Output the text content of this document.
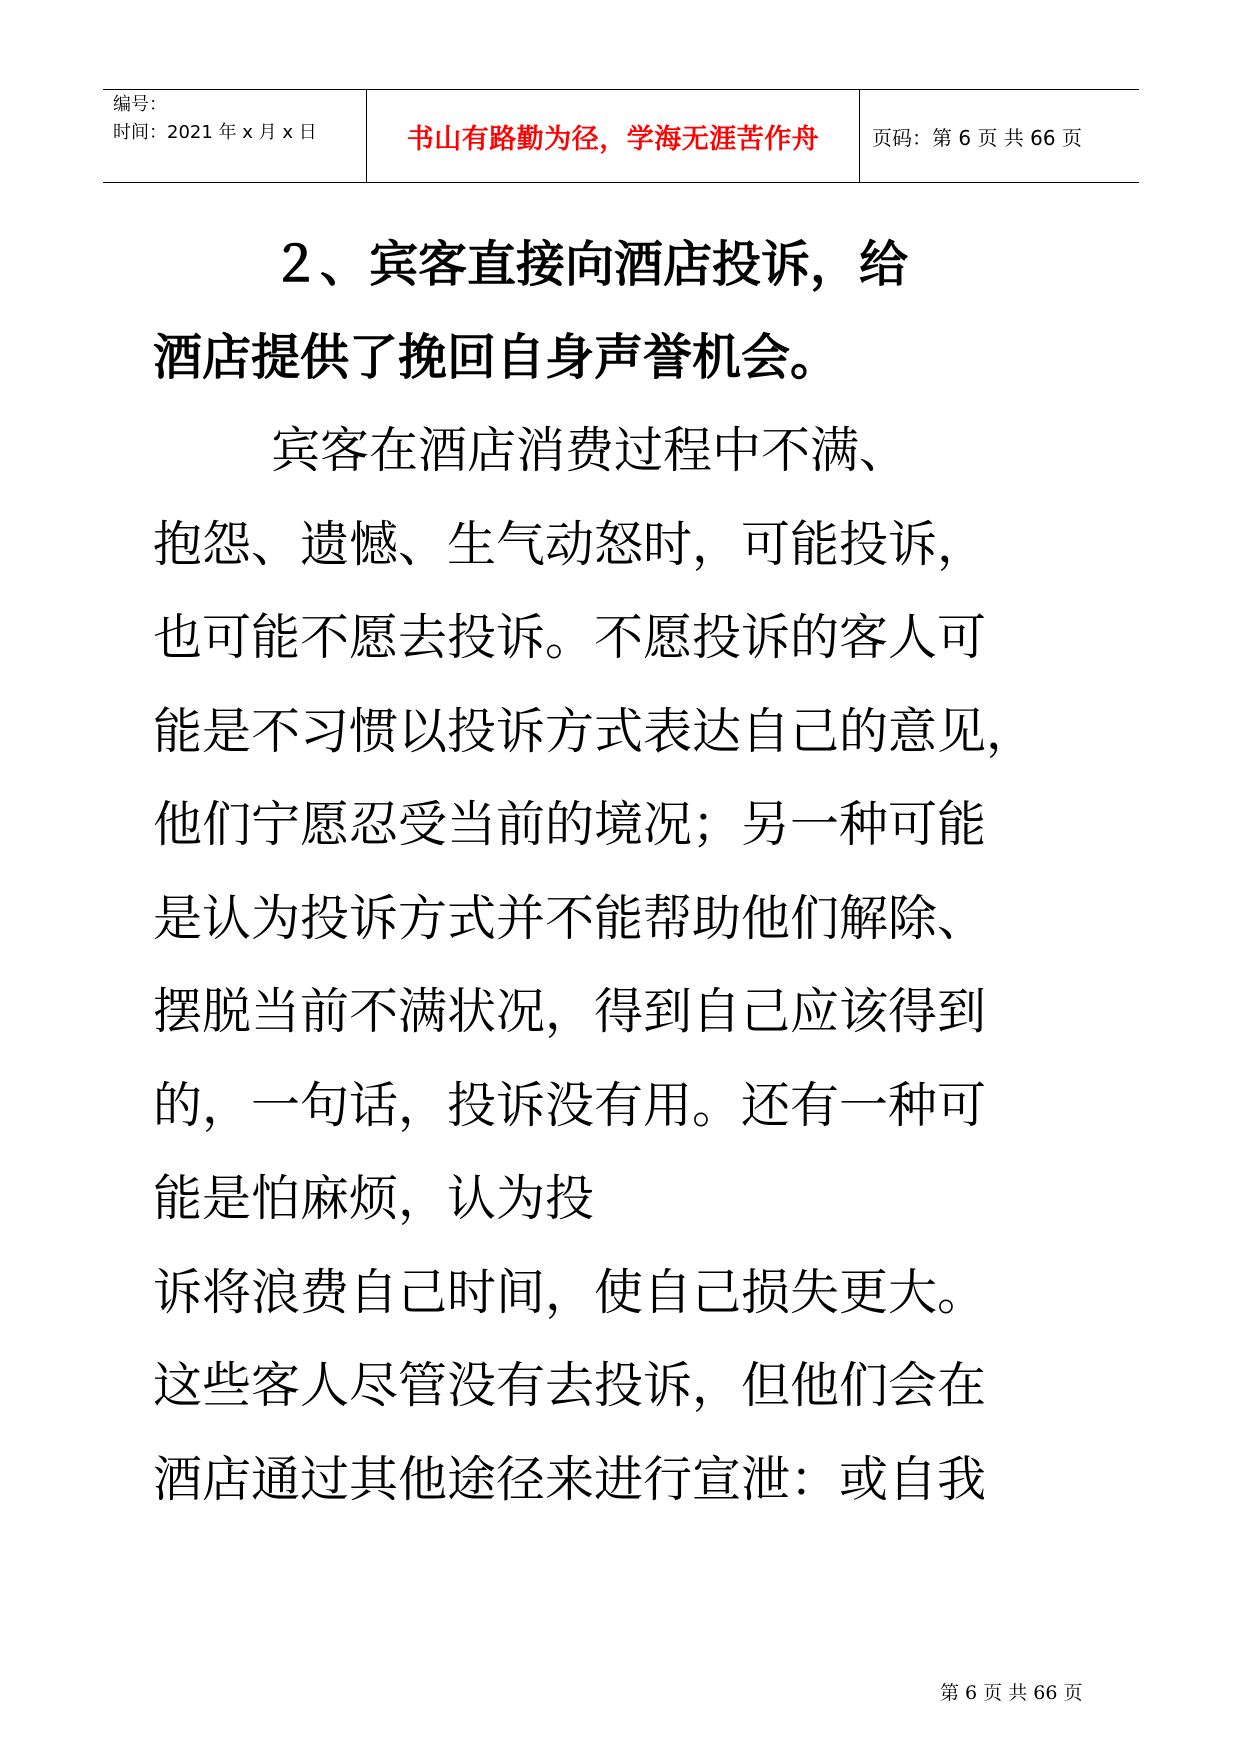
编号：
时间：2021 年 x 月 x 日	书山有路勤为径，学海无涯苦作舟	页码：第 6 页 共 66 页
２、宾客直接向酒店投诉，给
酒店提供了挽回自身声誉机会。
宾客在酒店消费过程中不满、
抱怨、遗憾、生气动怒时，可能投诉，
也可能不愿去投诉。不愿投诉的客人可
能是不习惯以投诉方式表达自己的意见，
他们宁愿忍受当前的境况；另一种可能
是认为投诉方式并不能帮助他们解除、
摆脱当前不满状况，得到自己应该得到
的，一句话，投诉没有用。还有一种可
能是怕麻烦，认为投
诉将浪费自己时间，使自己损失更大。
这些客人尽管没有去投诉，但他们会在
酒店通过其他途径来进行宣泄：或自我
第 6 页 共 66 页
